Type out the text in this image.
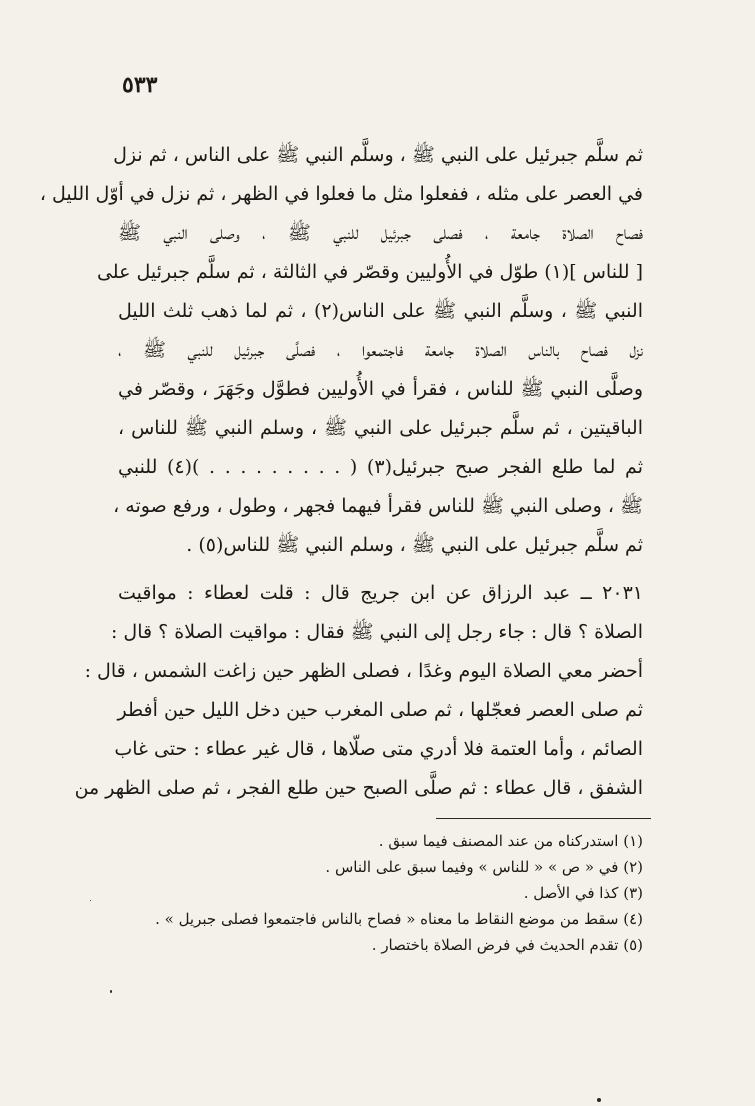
٥٣٣
ثم سلَّم جبرئيل على النبي ﷺ ، وسلَّم النبي ﷺ على الناس ، ثم نزل
في العصر على مثله ، ففعلوا مثل ما فعلوا في الظهر ، ثم نزل في أوّل الليل ،
فصاح الصلاة جامعة ، فصلى جبرئيل للنبي ﷺ ، وصلى النبي ﷺ
[ للناس ](١) طوّل في الأُوليين وقصّر في الثالثة ، ثم سلَّم جبرئيل على
النبي ﷺ ، وسلَّم النبي ﷺ على الناس(٢) ، ثم لما ذهب ثلث الليل
نزل فصاح بالناس الصلاة جامعة فاجتمعوا ، فصلَّى جبرئيل للنبي ﷺ ،
وصلَّى النبي ﷺ للناس ، فقرأ في الأُوليين فطوَّل وجَهَرَ ، وقصّر في
الباقيتين ، ثم سلَّم جبرئيل على النبي ﷺ ، وسلم النبي ﷺ للناس ،
ثم لما طلع الفجر صبح جبرئيل(٣) ( . . . . . . . . . )(٤) للنبي
ﷺ ، وصلى النبي ﷺ للناس فقرأ فيهما فجهر ، وطول ، ورفع صوته ،
ثم سلَّم جبرئيل على النبي ﷺ ، وسلم النبي ﷺ للناس(٥) .
٢٠٣١ ــ عبد الرزاق عن ابن جريج قال : قلت لعطاء : مواقيت
الصلاة ؟ قال : جاء رجل إلى النبي ﷺ فقال : مواقيت الصلاة ؟ قال :
أحضر معي الصلاة اليوم وغدًا ، فصلى الظهر حين زاغت الشمس ، قال :
ثم صلى العصر فعجّلها ، ثم صلى المغرب حين دخل الليل حين أفطر
الصائم ، وأما العتمة فلا أدري متى صلّاها ، قال غير عطاء : حتى غاب
الشفق ، قال عطاء : ثم صلَّى الصبح حين طلع الفجر ، ثم صلى الظهر من
(١) استدركناه من عند المصنف فيما سبق .
(٢) في « ص » « للناس » وفيما سبق على الناس .
(٣) كذا في الأصل .
(٤) سقط من موضع النقاط ما معناه « فصاح بالناس فاجتمعوا فصلى جبريل » .
(٥) تقدم الحديث في فرض الصلاة باختصار .
